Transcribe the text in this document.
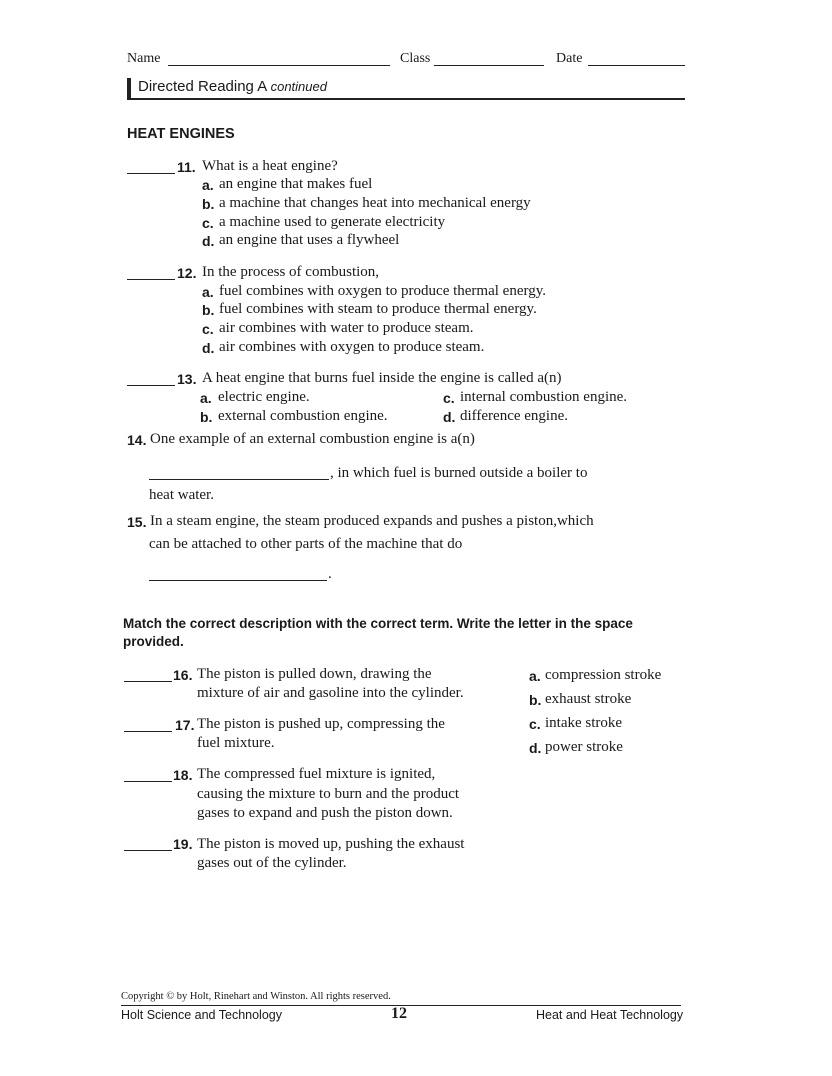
Name	Class	Date
Directed Reading A continued
HEAT ENGINES
11. What is a heat engine?
a. an engine that makes fuel
b. a machine that changes heat into mechanical energy
c. a machine used to generate electricity
d. an engine that uses a flywheel
12. In the process of combustion,
a. fuel combines with oxygen to produce thermal energy.
b. fuel combines with steam to produce thermal energy.
c. air combines with water to produce steam.
d. air combines with oxygen to produce steam.
13. A heat engine that burns fuel inside the engine is called a(n)
a. electric engine.
b. external combustion engine.
c. internal combustion engine.
d. difference engine.
14. One example of an external combustion engine is a(n)
, in which fuel is burned outside a boiler to
heat water.
15. In a steam engine, the steam produced expands and pushes a piston,which
can be attached to other parts of the machine that do
.
Match the correct description with the correct term. Write the letter in the space
provided.
16. The piston is pulled down, drawing the
mixture of air and gasoline into the cylinder.
17. The piston is pushed up, compressing the
fuel mixture.
18. The compressed fuel mixture is ignited,
causing the mixture to burn and the product
gases to expand and push the piston down.
19. The piston is moved up, pushing the exhaust
gases out of the cylinder.
a. compression stroke
b. exhaust stroke
c. intake stroke
d. power stroke
Copyright © by Holt, Rinehart and Winston. All rights reserved.
Holt Science and Technology	12	Heat and Heat Technology
